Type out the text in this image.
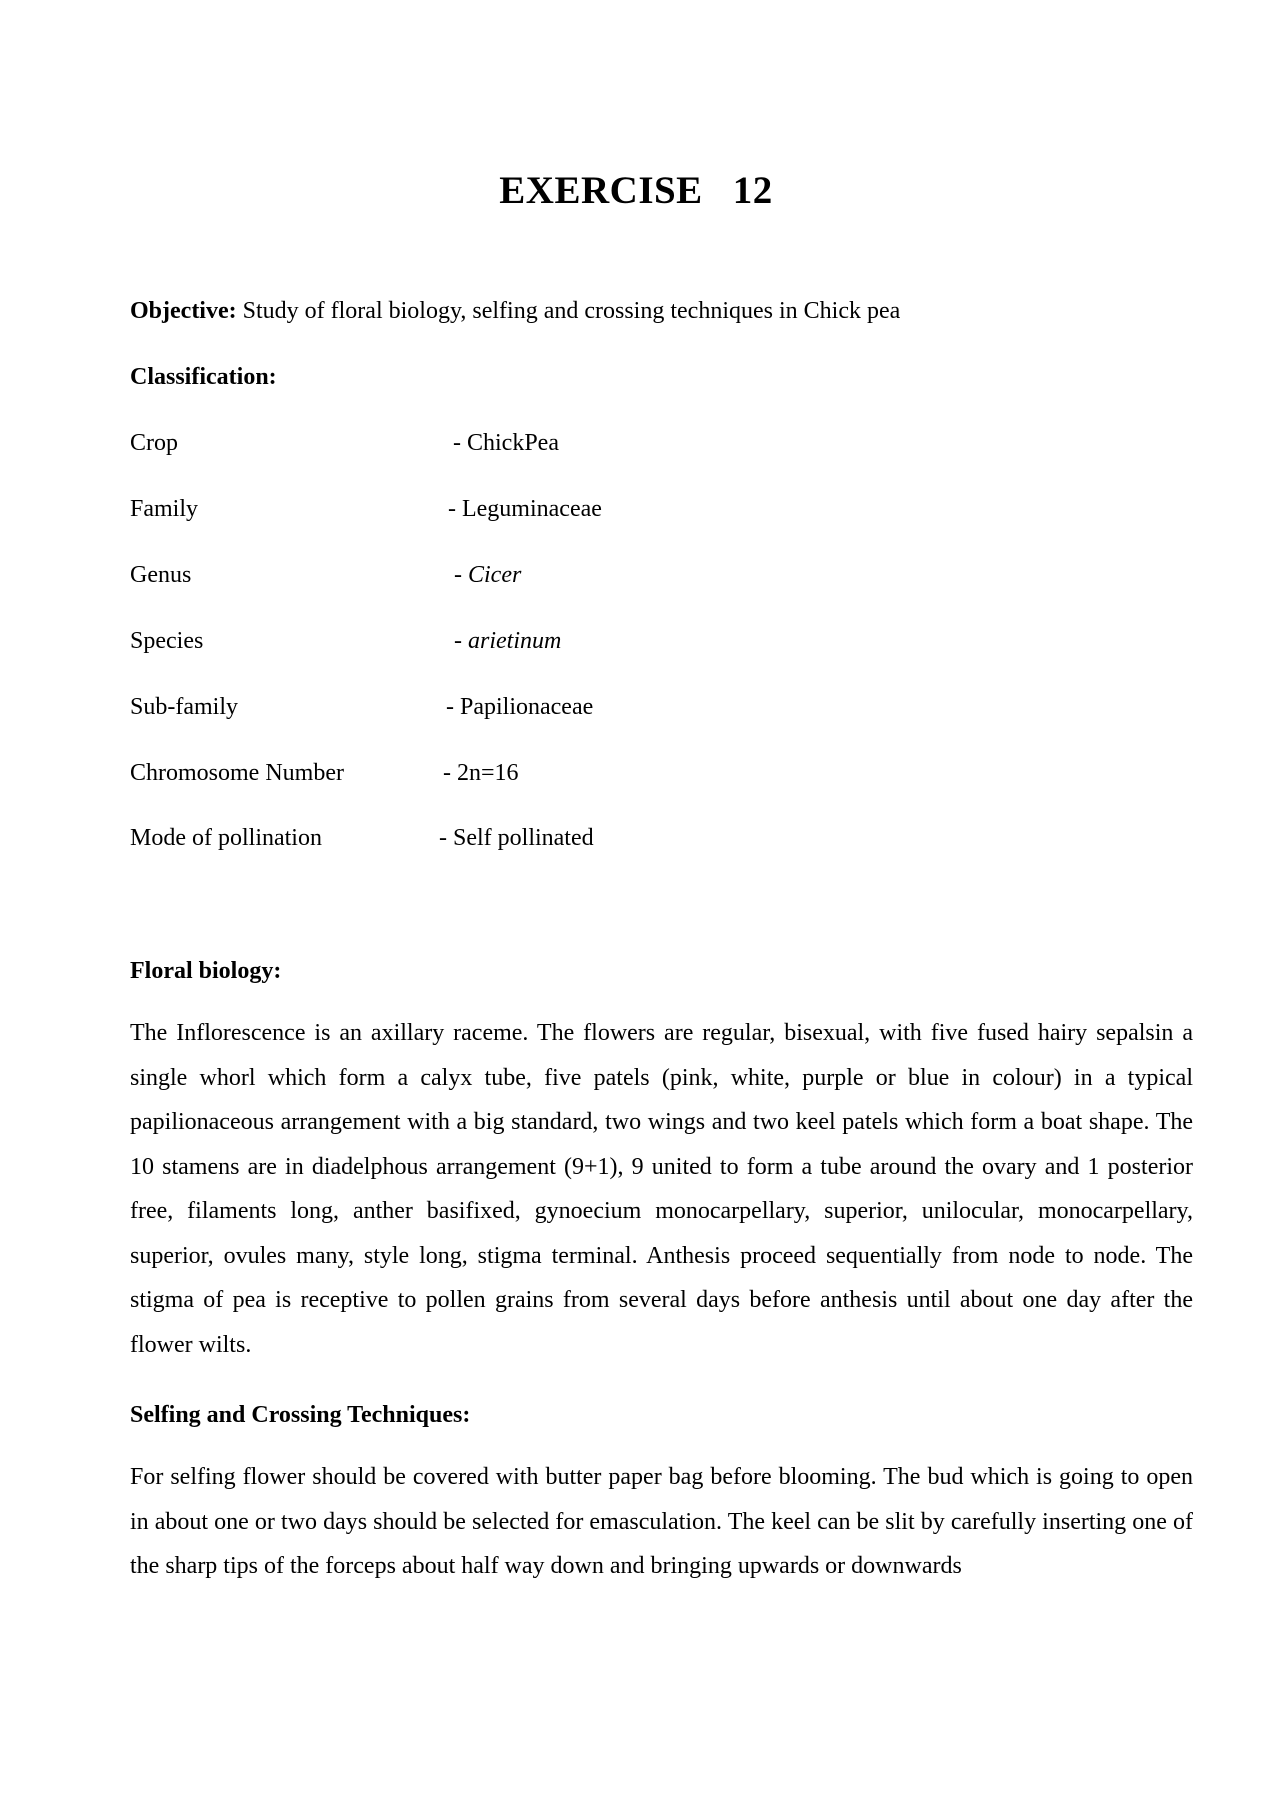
EXERCISE 12
Objective: Study of floral biology, selfing and crossing techniques in Chick pea
Classification:
Crop	- ChickPea
Family	- Leguminaceae
Genus	- Cicer
Species	- arietinum
Sub-family	- Papilionaceae
Chromosome Number	- 2n=16
Mode of pollination	- Self pollinated
Floral biology:

The Inflorescence is an axillary raceme. The flowers are regular, bisexual, with five fused hairy sepalsin a single whorl which form a calyx tube, five patels (pink, white, purple or blue in colour) in a typical papilionaceous arrangement with a big standard, two wings and two keel patels which form a boat shape. The 10 stamens are in diadelphous arrangement (9+1), 9 united to form a tube around the ovary and 1 posterior free, filaments long, anther basifixed, gynoecium monocarpellary, superior, unilocular, monocarpellary, superior, ovules many, style long, stigma terminal. Anthesis proceed sequentially from node to node. The stigma of pea is receptive to pollen grains from several days before anthesis until about one day after the flower wilts.

Selfing and Crossing Techniques:

For selfing flower should be covered with butter paper bag before blooming. The bud which is going to open in about one or two days should be selected for emasculation. The keel can be slit by carefully inserting one of the sharp tips of the forceps about half way down and bringing upwards or downwards
